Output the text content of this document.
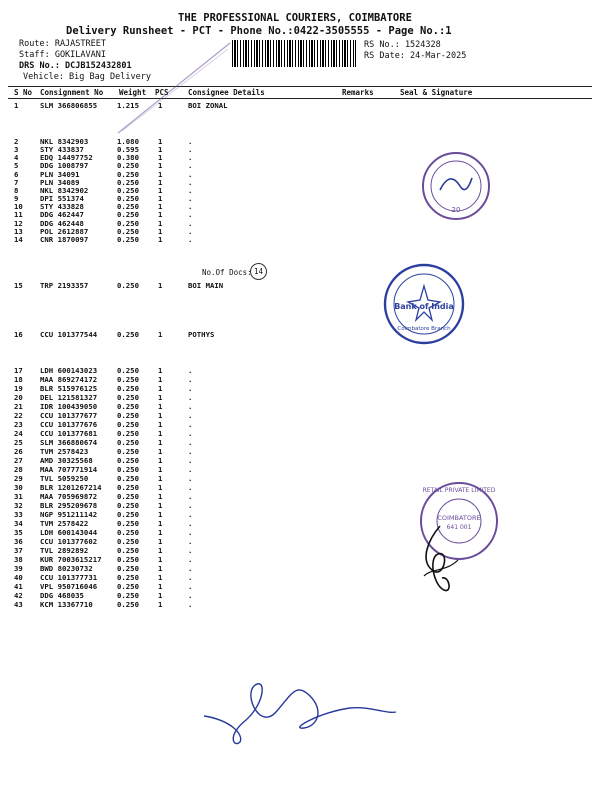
THE PROFESSIONAL COURIERS, COIMBATORE
Delivery Runsheet - PCT - Phone No.:0422-3505555 - Page No.:1
Route: RAJASTREET
Staff: GOKILAVANI
DRS No.: DCJB152432801
Vehicle: Big Bag Delivery
RS No.: 1524328
RS Date: 24-Mar-2025
S No Consignment No Weight PCS	Consignee Details	Remarks	Seal & Signature
1	SLM 366806855	1.215	1	BOI ZONAL
2	NKL 8342903	1.080	1	.
3	STY 433837	0.595	1	.
4	EDQ 14497752	0.380	1	.
5	DDG 1008797	0.250	1	.
6	PLN 34091	0.250	1	.
7	PLN 34089	0.250	1	.
8	NKL 8342902	0.250	1	.
9	DPI 551374	0.250	1	.
10 STY 433828	0.250	1	.
11 DDG 462447	0.250	1	.
12 DDG 462448	0.250	1	.
13 POL 2612887	0.250	1	.
14 CNR 1870097	0.250	1	.
15 TRP 2193357	0.250	1	BOI MAIN
16 CCU 101377544	0.250	1	POTHYS
17 LDH 600143023	0.250	1	.
18 MAA 869274172	0.250	1	.
19 BLR 515976125	0.250	1	.
20 DEL 121581327	0.250	1	.
21 IDR 100439050	0.250	1	.
22 CCU 101377677	0.250	1	.
23 CCU 101377676	0.250	1	.
24 CCU 101377681	0.250	1	.
25 SLM 366880674	0.250	1	.
26 TVM 2578423	0.250	1	.
27 AMD 30325568	0.250	1	.
28 MAA 707771914	0.250	1	.
29 TVL 5059250	0.250	1	.
30 BLR 1201267214 0.250	1	.
31 MAA 705969872	0.250	1	.
32 BLR 295209678	0.250	1	.
33 NGP 951211142	0.250	1	.
34 TVM 2578422	0.250	1	.
35 LDH 600143044	0.250	1	.
36 CCU 101377602	0.250	1	.
37 TVL 2892892	0.250	1	.
38 KUR 7003615217 0.250	1	.
39 BWD 80230732	0.250	1	.
40 CCU 101377731	0.250	1	.
41 VPL 950716046	0.250	1	.
42 DDG 468035	0.250	1	.
43 KCM 13367710	0.250	1	.
No.Of Docs: 14
20
Bank of India
Coimbatore Branch
RETAIL PRIVATE LIMITED
COIMBATORE
641 001
